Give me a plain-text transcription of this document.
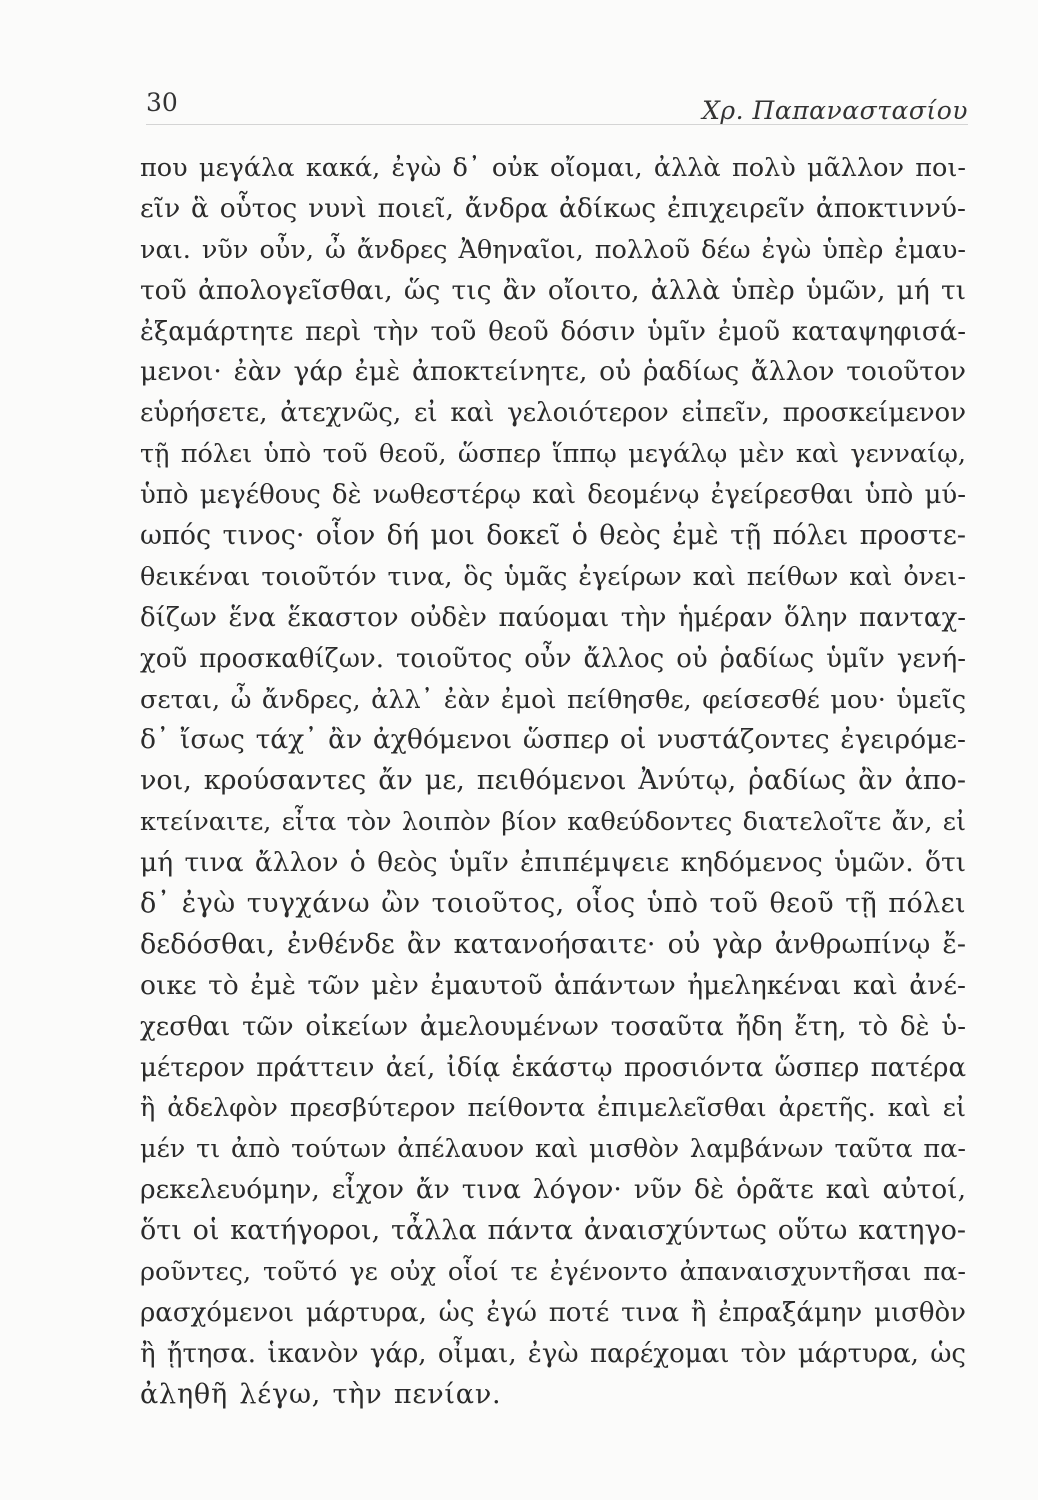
30	Χρ. Παπαναστασίου
που μεγάλα κακά, ἐγὼ δ᾽ οὐκ οἴομαι, ἀλλὰ πολὺ μᾶλλον ποι-
εῖν ἃ οὗτος νυνὶ ποιεῖ, ἄνδρα ἀδίκως ἐπιχειρεῖν ἀποκτιννύ-
ναι. νῦν οὖν, ὦ ἄνδρες Ἀθηναῖοι, πολλοῦ δέω ἐγὼ ὑπὲρ ἐμαυ-
τοῦ ἀπολογεῖσθαι, ὥς τις ἂν οἴοιτο, ἀλλὰ ὑπὲρ ὑμῶν, μή τι
ἐξαμάρτητε περὶ τὴν τοῦ θεοῦ δόσιν ὑμῖν ἐμοῦ καταψηφισά-
μενοι· ἐὰν γάρ ἐμὲ ἀποκτείνητε, οὐ ῥαδίως ἄλλον τοιοῦτον
εὑρήσετε, ἀτεχνῶς, εἰ καὶ γελοιότερον εἰπεῖν, προσκείμενον
τῇ πόλει ὑπὸ τοῦ θεοῦ, ὥσπερ ἵππῳ μεγάλῳ μὲν καὶ γενναίῳ,
ὑπὸ μεγέθους δὲ νωθεστέρῳ καὶ δεομένῳ ἐγείρεσθαι ὑπὸ μύ-
ωπός τινος· οἷον δή μοι δοκεῖ ὁ θεὸς ἐμὲ τῇ πόλει προστε-
θεικέναι τοιοῦτόν τινα, ὃς ὑμᾶς ἐγείρων καὶ πείθων καὶ ὀνει-
δίζων ἕνα ἕκαστον οὐδὲν παύομαι τὴν ἡμέραν ὅλην πανταχ-
χοῦ προσκαθίζων. τοιοῦτος οὖν ἄλλος οὐ ῥαδίως ὑμῖν γενή-
σεται, ὦ ἄνδρες, ἀλλ᾽ ἐὰν ἐμοὶ πείθησθε, φείσεσθέ μου· ὑμεῖς
δ᾽ ἴσως τάχ᾽ ἂν ἀχθόμενοι ὥσπερ οἱ νυστάζοντες ἐγειρόμε-
νοι, κρούσαντες ἄν με, πειθόμενοι Ἀνύτῳ, ῥαδίως ἂν ἀπο-
κτείναιτε, εἶτα τὸν λοιπὸν βίον καθεύδοντες διατελοῖτε ἄν, εἰ
μή τινα ἄλλον ὁ θεὸς ὑμῖν ἐπιπέμψειε κηδόμενος ὑμῶν. ὅτι
δ᾽ ἐγὼ τυγχάνω ὢν τοιοῦτος, οἷος ὑπὸ τοῦ θεοῦ τῇ πόλει
δεδόσθαι, ἐνθένδε ἂν κατανοήσαιτε· οὐ γὰρ ἀνθρωπίνῳ ἔ-
οικε τὸ ἐμὲ τῶν μὲν ἐμαυτοῦ ἁπάντων ἠμεληκέναι καὶ ἀνέ-
χεσθαι τῶν οἰκείων ἀμελουμένων τοσαῦτα ἤδη ἔτη, τὸ δὲ ὑ-
μέτερον πράττειν ἀεί, ἰδίᾳ ἑκάστῳ προσιόντα ὥσπερ πατέρα
ἢ ἀδελφὸν πρεσβύτερον πείθοντα ἐπιμελεῖσθαι ἀρετῆς. καὶ εἰ
μέν τι ἀπὸ τούτων ἀπέλαυον καὶ μισθὸν λαμβάνων ταῦτα πα-
ρεκελευόμην, εἶχον ἄν τινα λόγον· νῦν δὲ ὁρᾶτε καὶ αὐτοί,
ὅτι οἱ κατήγοροι, τἆλλα πάντα ἀναισχύντως οὕτω κατηγο-
ροῦντες, τοῦτό γε οὐχ οἷοί τε ἐγένοντο ἀπαναισχυντῆσαι πα-
ρασχόμενοι μάρτυρα, ὡς ἐγώ ποτέ τινα ἢ ἐπραξάμην μισθὸν
ἢ ᾔτησα. ἱκανὸν γάρ, οἶμαι, ἐγὼ παρέχομαι τὸν μάρτυρα, ὡς
ἀληθῆ λέγω, τὴν πενίαν.
